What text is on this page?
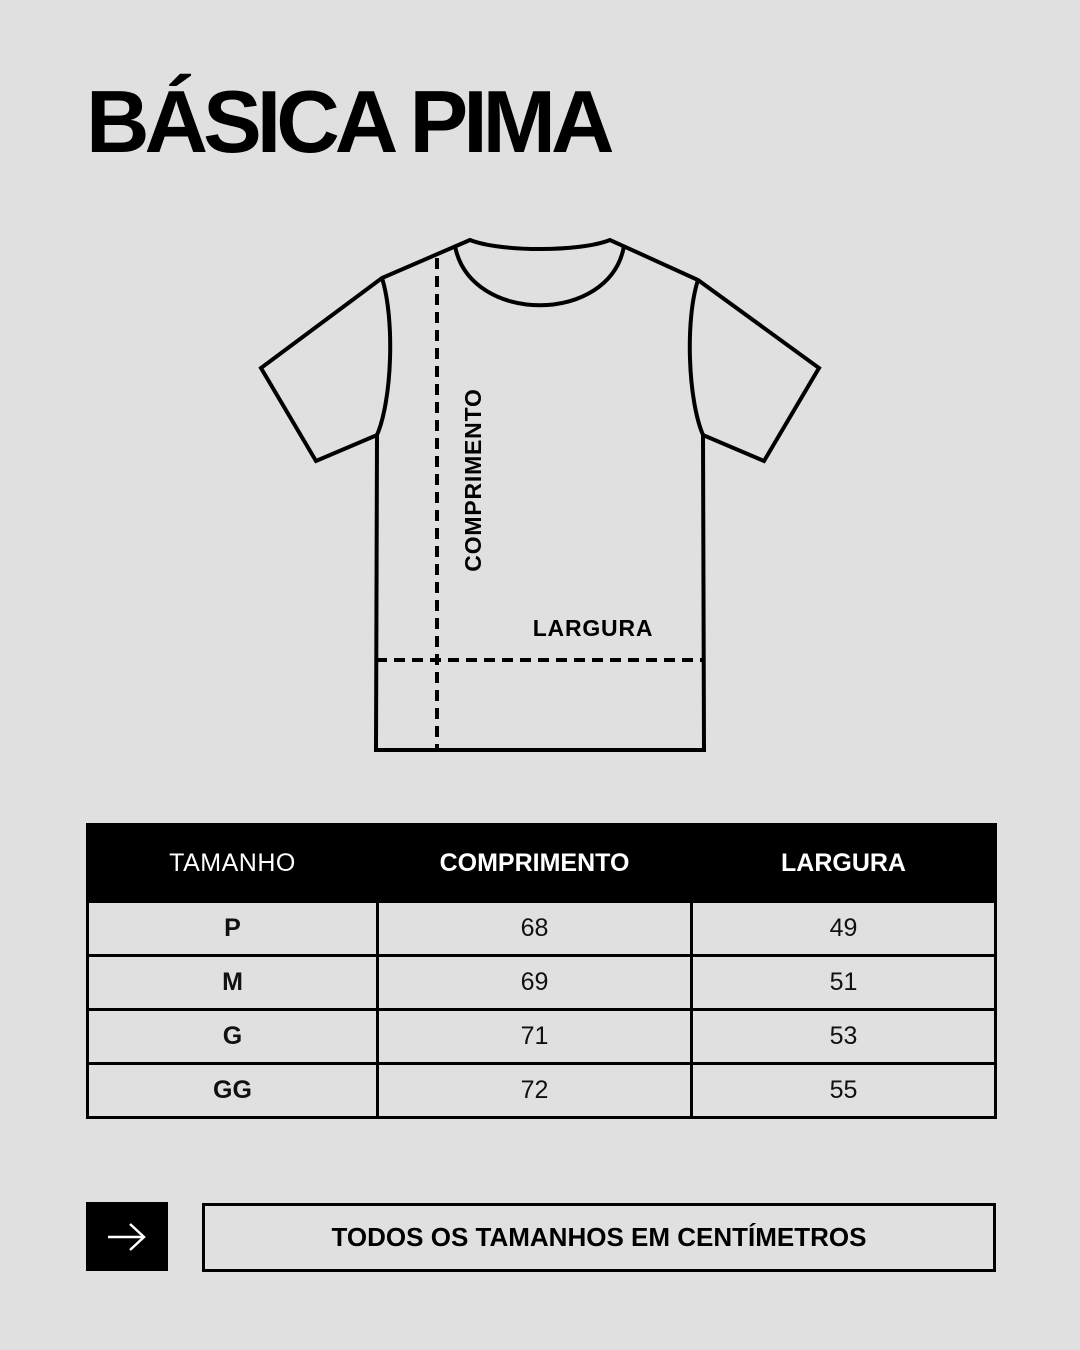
BÁSICA PIMA
COMPRIMENTO
LARGURA
TAMANHO	COMPRIMENTO	LARGURA
P	68	49
M	69	51
G	71	53
GG	72	55
TODOS OS TAMANHOS EM CENTÍMETROS
